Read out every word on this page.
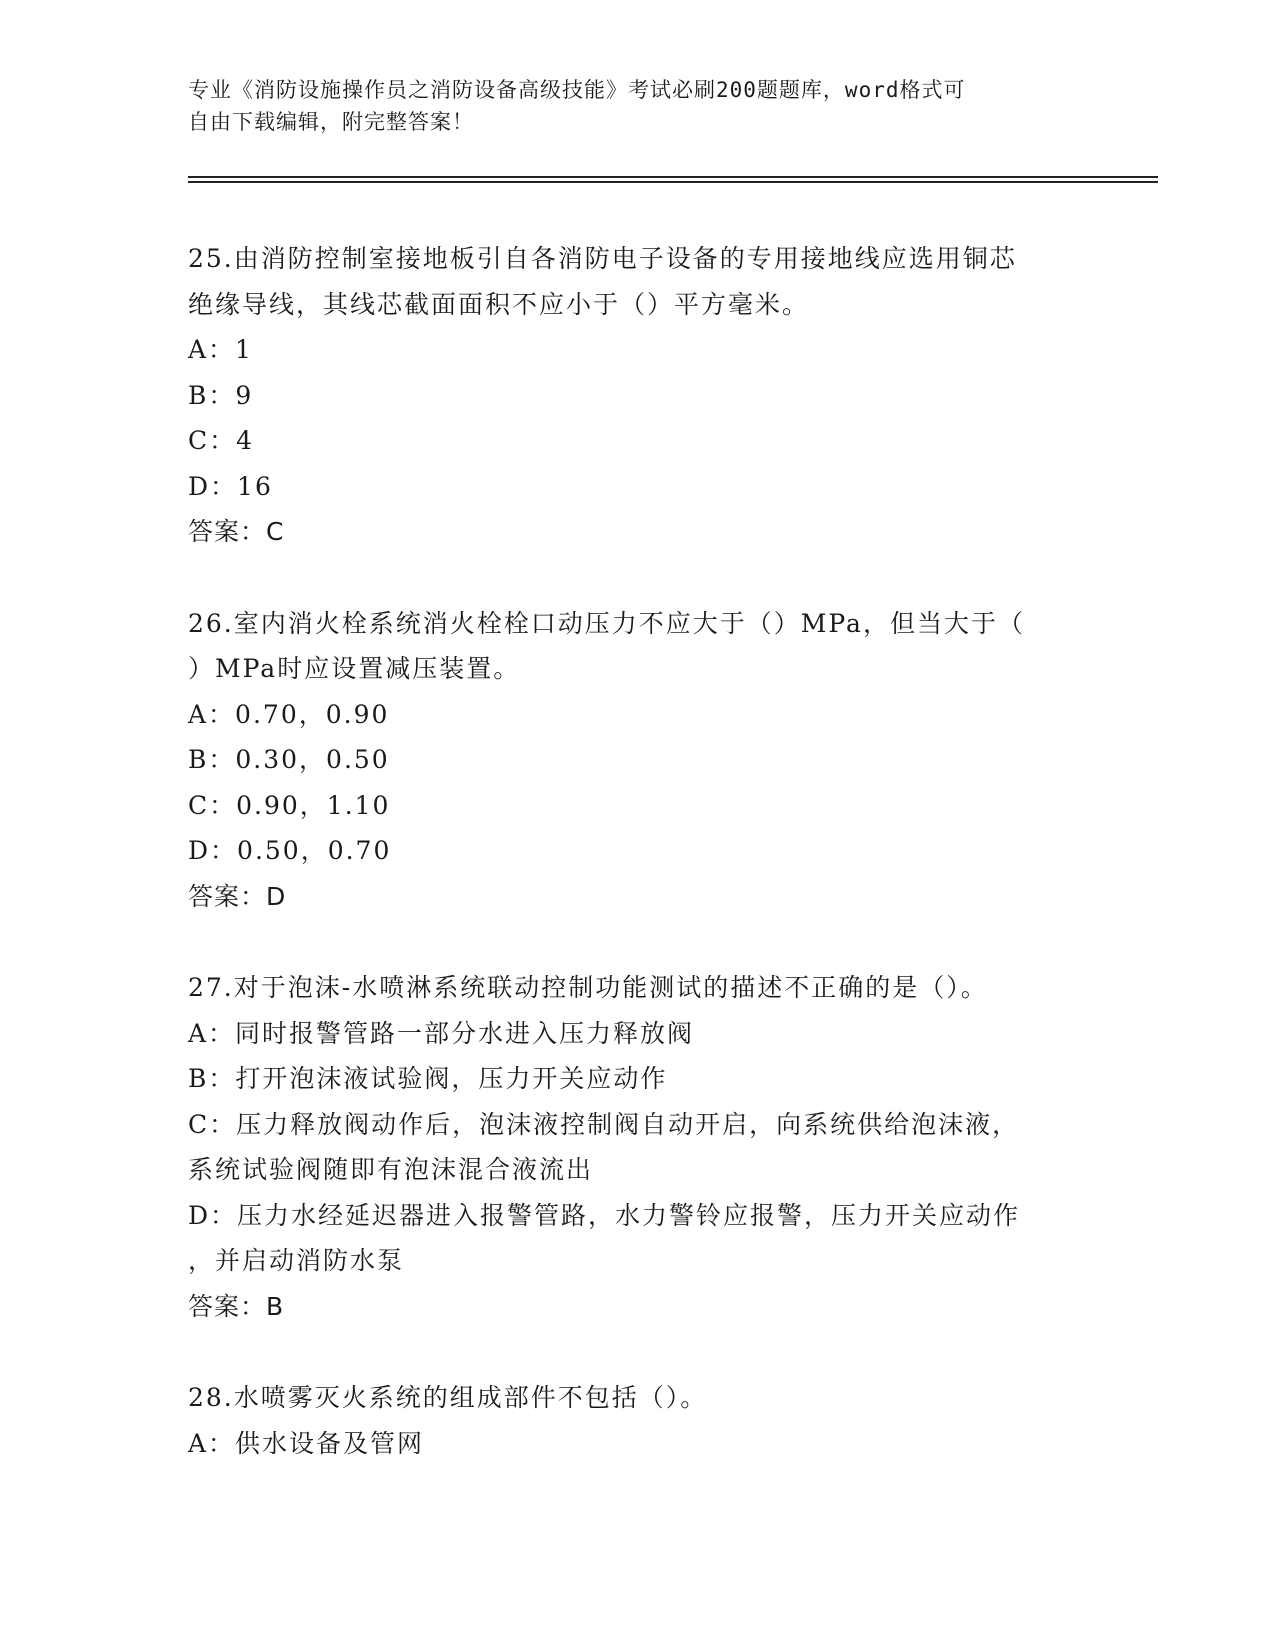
专业《消防设施操作员之消防设备高级技能》考试必刷200题题库，word格式可
自由下载编辑，附完整答案！

25.由消防控制室接地板引自各消防电子设备的专用接地线应选用铜芯

绝缘导线，其线芯截面面积不应小于（）平方毫米。

A：1

B：9

C：4

D：16

答案：C

26.室内消火栓系统消火栓栓口动压力不应大于（）MPa，但当大于（

）MPa时应设置减压装置。

A：0.70，0.90

B：0.30，0.50

C：0.90，1.10

D：0.50，0.70

答案：D

27.对于泡沫-水喷淋系统联动控制功能测试的描述不正确的是（）。

A：同时报警管路一部分水进入压力释放阀

B：打开泡沫液试验阀，压力开关应动作

C：压力释放阀动作后，泡沫液控制阀自动开启，向系统供给泡沫液，

系统试验阀随即有泡沫混合液流出

D：压力水经延迟器进入报警管路，水力警铃应报警，压力开关应动作

，并启动消防水泵

答案：B

28.水喷雾灭火系统的组成部件不包括（）。

A：供水设备及管网
